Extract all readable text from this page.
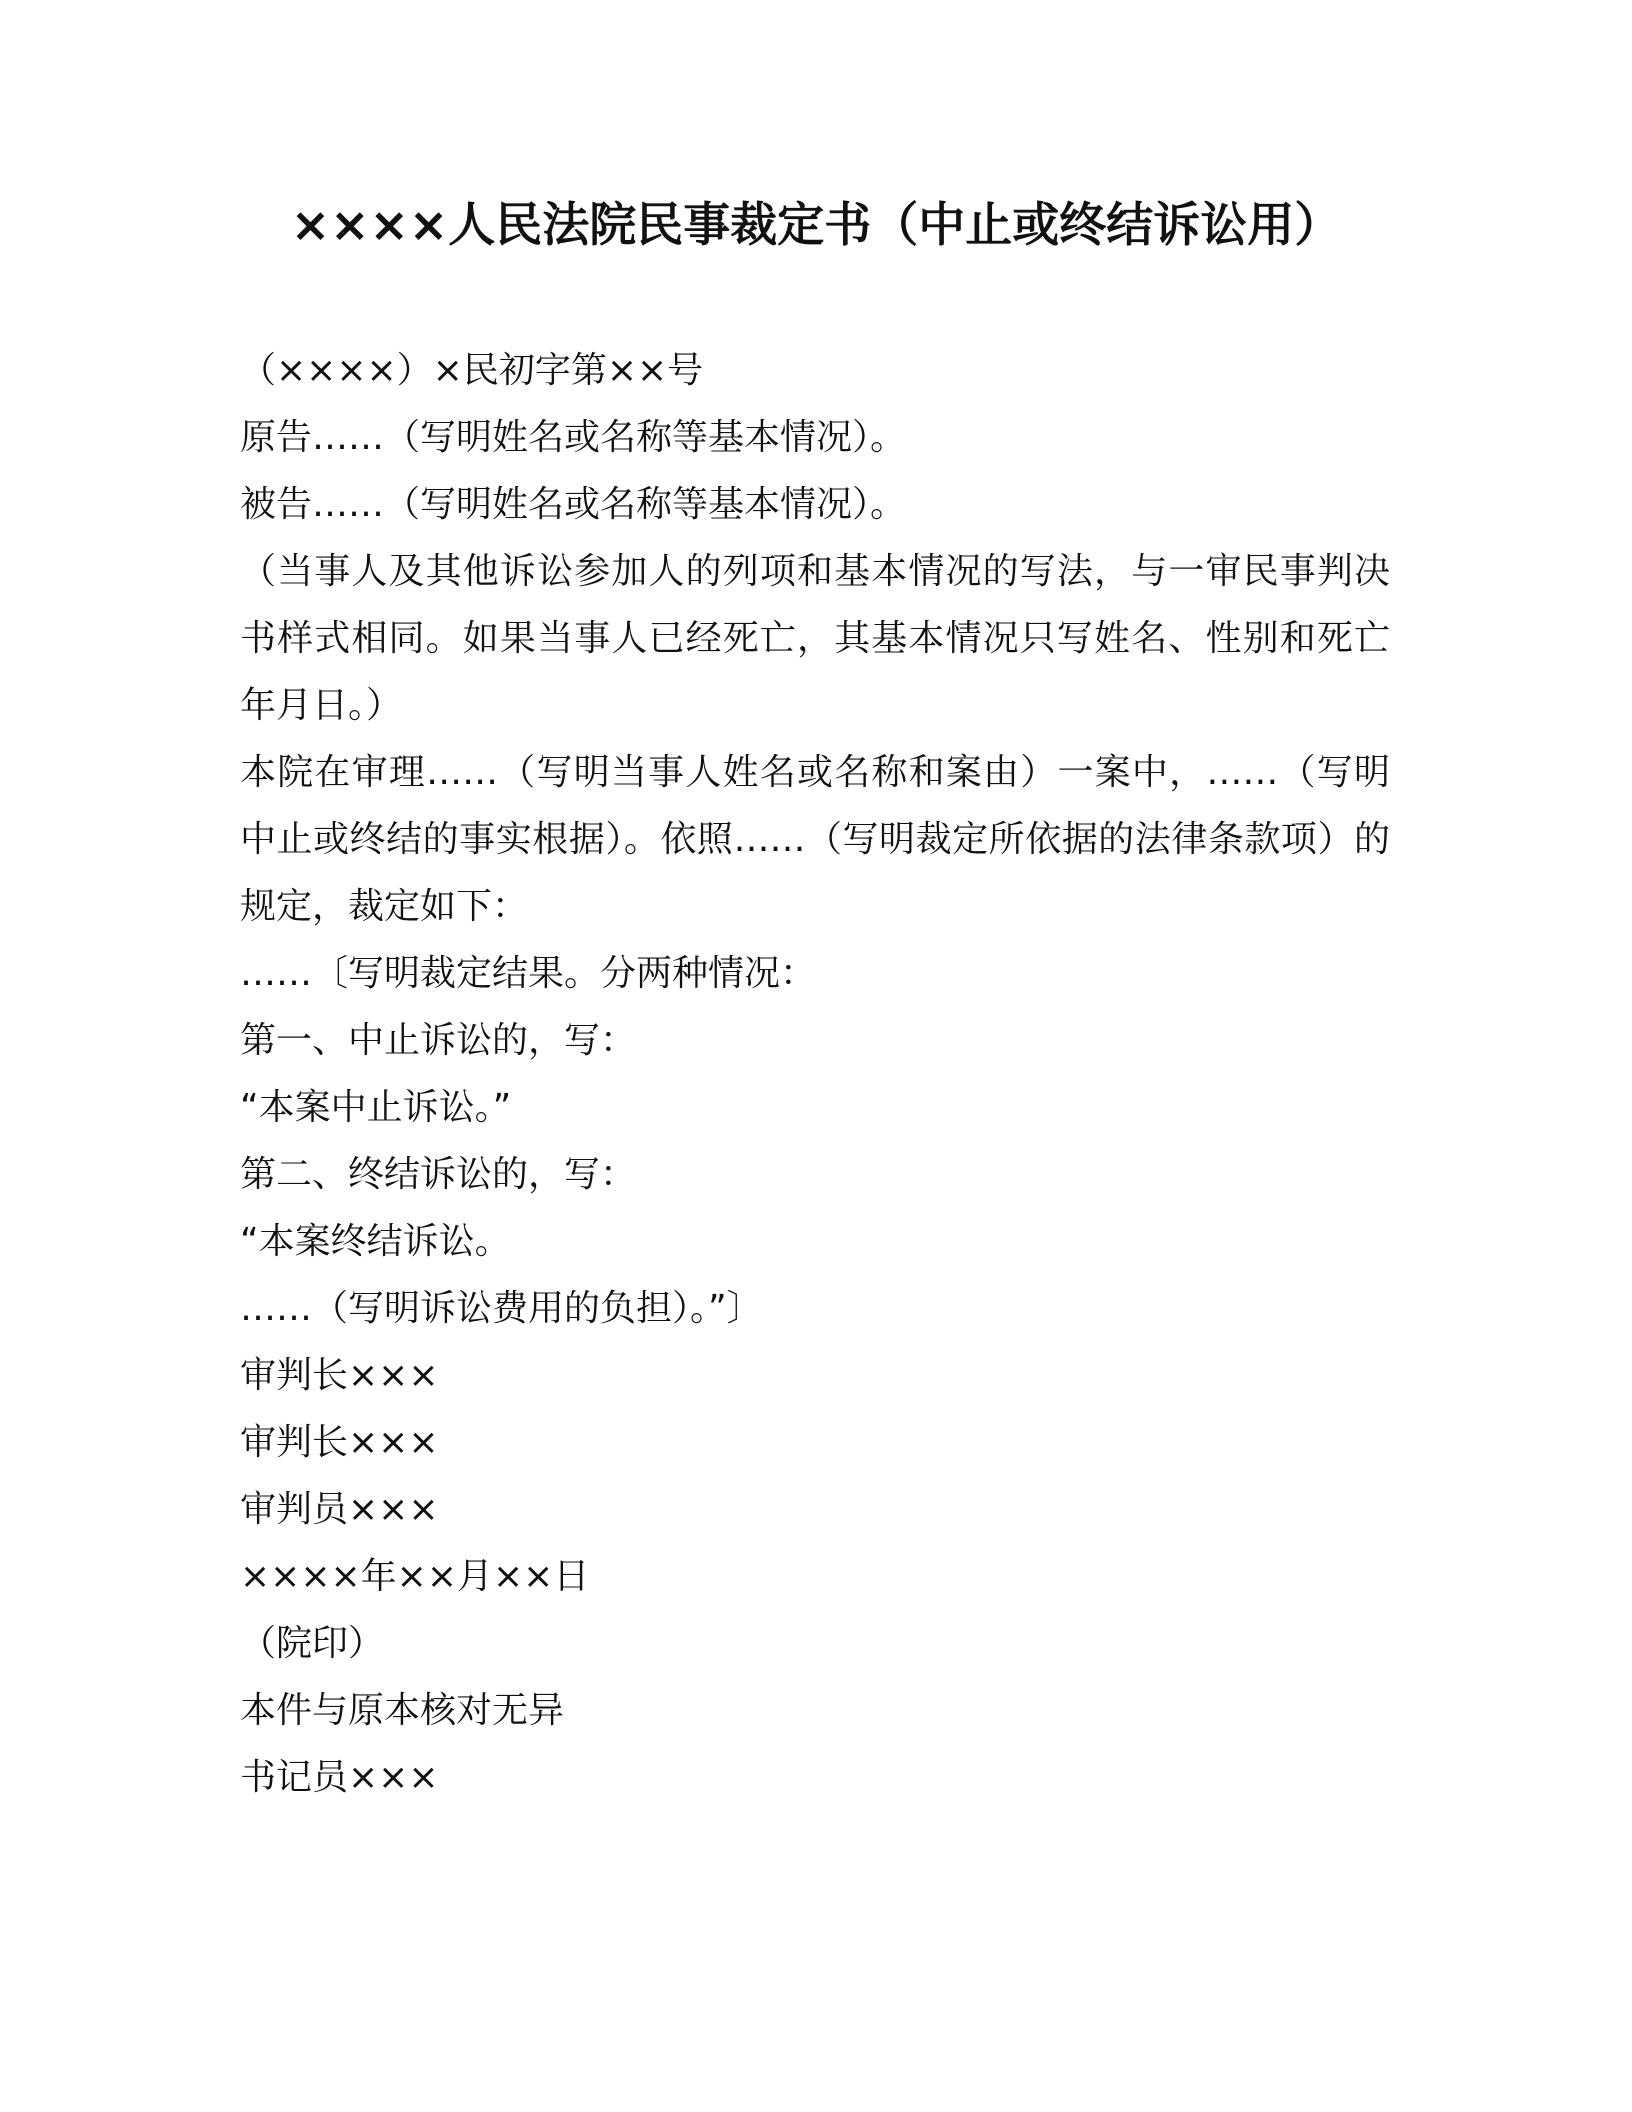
××××人民法院民事裁定书（中止或终结诉讼用）
（××××）×民初字第××号
原告……（写明姓名或名称等基本情况）。
被告……（写明姓名或名称等基本情况）。
（当事人及其他诉讼参加人的列项和基本情况的写法，与一审民事判决书样式相同。如果当事人已经死亡，其基本情况只写姓名、性别和死亡年月日。）
本院在审理……（写明当事人姓名或名称和案由）一案中，……（写明中止或终结的事实根据）。依照……（写明裁定所依据的法律条款项）的规定，裁定如下：
……〔写明裁定结果。分两种情况：
第一、中止诉讼的，写：
“本案中止诉讼。”
第二、终结诉讼的，写：
“本案终结诉讼。
……（写明诉讼费用的负担）。”〕
审判长×××
审判长×××
审判员×××
××××年××月××日
（院印）
本件与原本核对无异
书记员×××
